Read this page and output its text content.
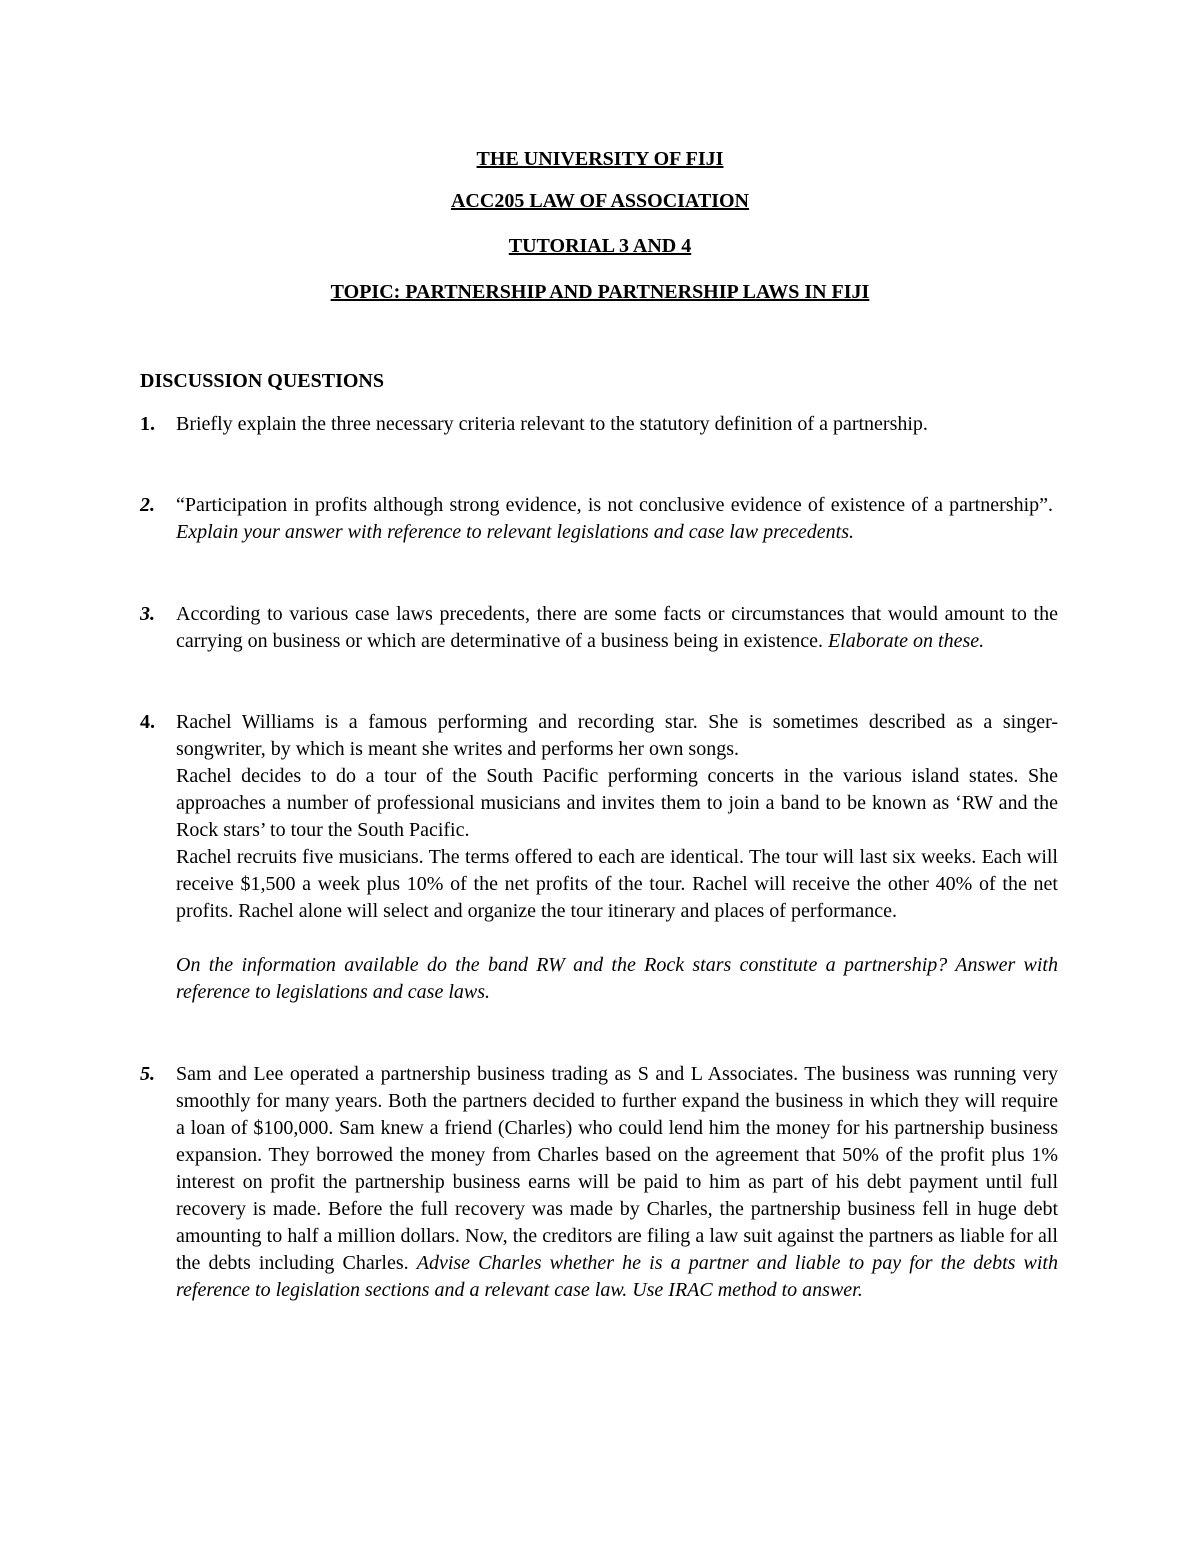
THE UNIVERSITY OF FIJI
ACC205 LAW OF ASSOCIATION
TUTORIAL 3 AND 4
TOPIC: PARTNERSHIP AND PARTNERSHIP LAWS IN FIJI
DISCUSSION QUESTIONS
1. Briefly explain the three necessary criteria relevant to the statutory definition of a partnership.

2. “Participation in profits although strong evidence, is not conclusive evidence of existence of a partnership”.  Explain your answer with reference to relevant legislations and case law precedents.

3. According to various case laws precedents, there are some facts or circumstances that would amount to the carrying on business or which are determinative of a business being in existence. Elaborate on these.

4. Rachel Williams is a famous performing and recording star. She is sometimes described as a singer-songwriter, by which is meant she writes and performs her own songs.

Rachel decides to do a tour of the South Pacific performing concerts in the various island states. She approaches a number of professional musicians and invites them to join a band to be known as ‘RW and the Rock stars’ to tour the South Pacific.

Rachel recruits five musicians. The terms offered to each are identical. The tour will last six weeks. Each will receive $1,500 a week plus 10% of the net profits of the tour. Rachel will receive the other 40% of the net profits. Rachel alone will select and organize the tour itinerary and places of performance.

On the information available do the band RW and the Rock stars constitute a partnership? Answer with reference to legislations and case laws.

5. Sam and Lee operated a partnership business trading as S and L Associates. The business was running very smoothly for many years. Both the partners decided to further expand the business in which they will require a loan of $100,000. Sam knew a friend (Charles) who could lend him the money for his partnership business expansion. They borrowed the money from Charles based on the agreement that 50% of the profit plus 1% interest on profit the partnership business earns will be paid to him as part of his debt payment until full recovery is made. Before the full recovery was made by Charles, the partnership business fell in huge debt amounting to half a million dollars. Now, the creditors are filing a law suit against the partners as liable for all the debts including Charles. Advise Charles whether he is a partner and liable to pay for the debts with reference to legislation sections and a relevant case law. Use IRAC method to answer.
